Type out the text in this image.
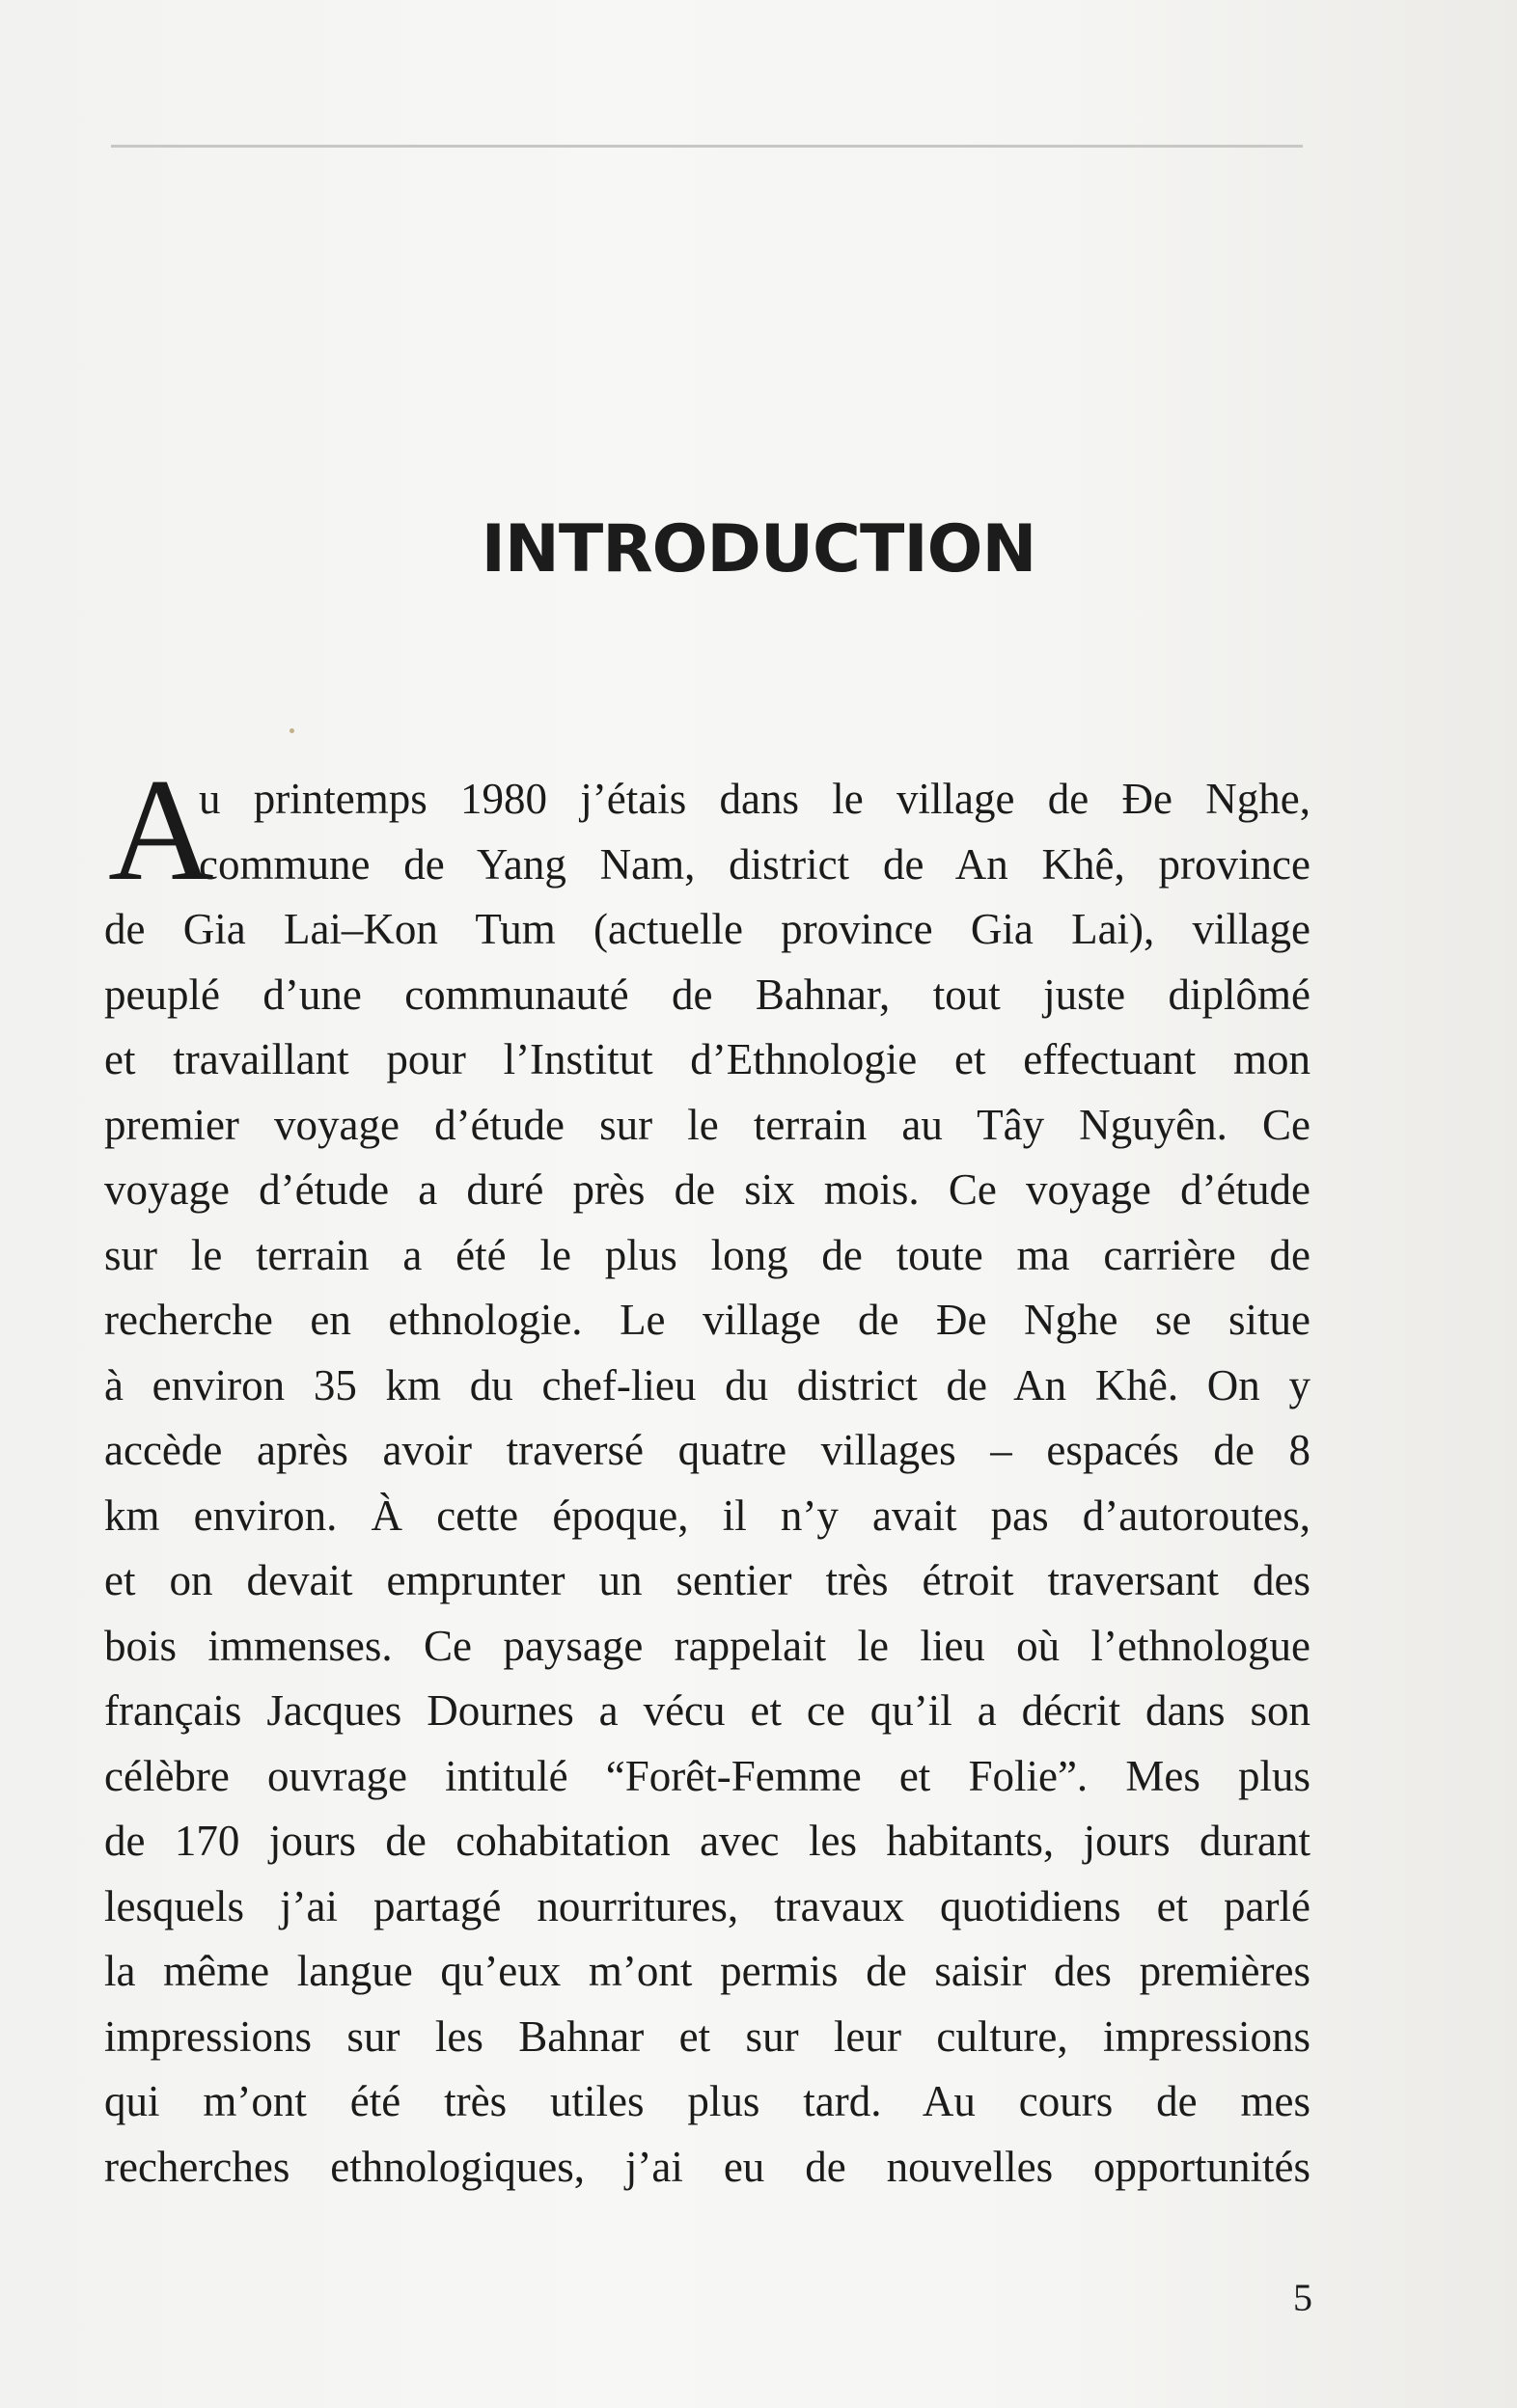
INTRODUCTION
A
u printemps 1980 j’étais dans le village de Đe Nghe,
commune de Yang Nam, district de An Khê, province
de Gia Lai–Kon Tum (actuelle province Gia Lai), village
peuplé d’une communauté de Bahnar, tout juste diplômé
et travaillant pour l’Institut d’Ethnologie et effectuant mon
premier voyage d’étude sur le terrain au Tây Nguyên. Ce
voyage d’étude a duré près de six mois. Ce voyage d’étude
sur le terrain a été le plus long de toute ma carrière de
recherche en ethnologie. Le village de Đe Nghe se situe
à environ 35 km du chef-lieu du district de An Khê. On y
accède après avoir traversé quatre villages – espacés de 8
km environ. À cette époque, il n’y avait pas d’autoroutes,
et on devait emprunter un sentier très étroit traversant des
bois immenses. Ce paysage rappelait le lieu où l’ethnologue
français Jacques Dournes a vécu et ce qu’il a décrit dans son
célèbre ouvrage intitulé “Forêt-Femme et Folie”. Mes plus
de 170 jours de cohabitation avec les habitants, jours durant
lesquels j’ai partagé nourritures, travaux quotidiens et parlé
la même langue qu’eux m’ont permis de saisir des premières
impressions sur les Bahnar et sur leur culture, impressions
qui m’ont été très utiles plus tard. Au cours de mes
recherches ethnologiques, j’ai eu de nouvelles opportunités
5
